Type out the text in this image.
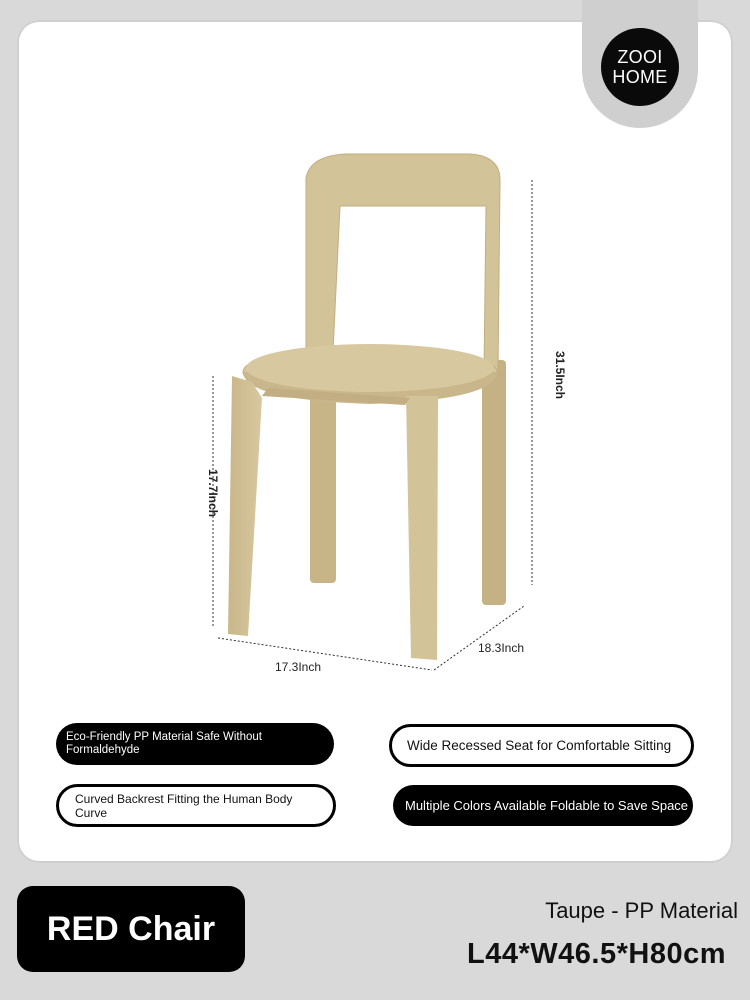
ZOOI
HOME
31.5Inch
17.7Inch
17.3Inch
18.3Inch
Eco-Friendly PP Material Safe Without Formaldehyde	Wide Recessed Seat for Comfortable Sitting
Curved Backrest Fitting the Human Body Curve	Multiple Colors Available Foldable to Save Space
RED Chair	Taupe - PP Material
L44*W46.5*H80cm
